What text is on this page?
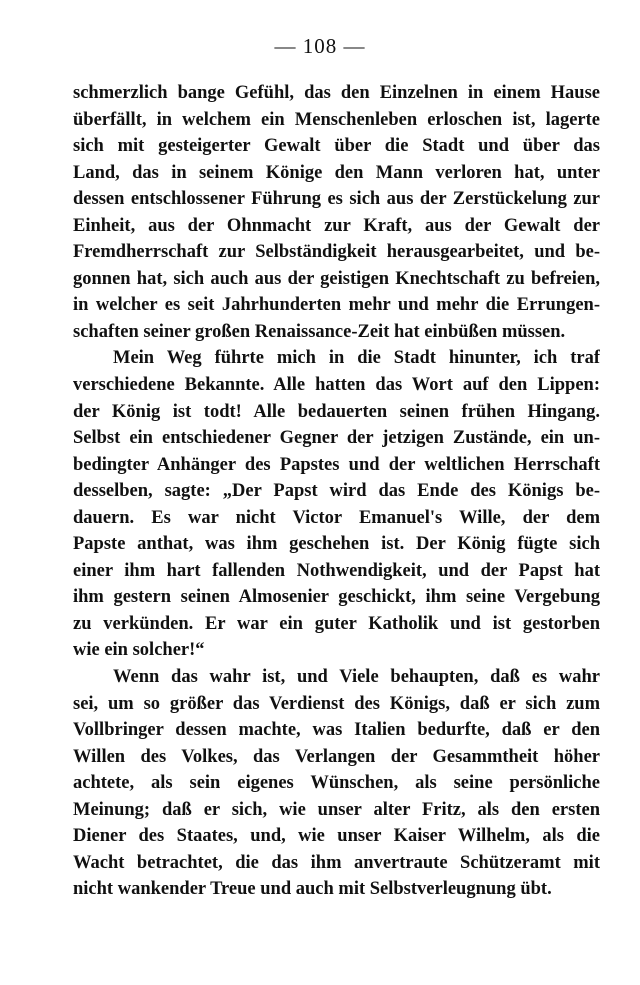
— 108 —
schmerzlich bange Gefühl, das den Einzelnen in einem Hause
überfällt, in welchem ein Menschenleben erloschen ist, lagerte
sich mit gesteigerter Gewalt über die Stadt und über das
Land, das in seinem Könige den Mann verloren hat, unter
dessen entschlossener Führung es sich aus der Zerstückelung zur
Einheit, aus der Ohnmacht zur Kraft, aus der Gewalt der
Fremdherrschaft zur Selbständigkeit herausgearbeitet, und be-
gonnen hat, sich auch aus der geistigen Knechtschaft zu befreien,
in welcher es seit Jahrhunderten mehr und mehr die Errungen-
schaften seiner großen Renaissance-Zeit hat einbüßen müssen.
Mein Weg führte mich in die Stadt hinunter, ich traf
verschiedene Bekannte. Alle hatten das Wort auf den Lippen:
der König ist todt! Alle bedauerten seinen frühen Hingang.
Selbst ein entschiedener Gegner der jetzigen Zustände, ein un-
bedingter Anhänger des Papstes und der weltlichen Herrschaft
desselben, sagte: „Der Papst wird das Ende des Königs be-
dauern. Es war nicht Victor Emanuel's Wille, der dem
Papste anthat, was ihm geschehen ist. Der König fügte sich
einer ihm hart fallenden Nothwendigkeit, und der Papst hat
ihm gestern seinen Almosenier geschickt, ihm seine Vergebung
zu verkünden. Er war ein guter Katholik und ist gestorben
wie ein solcher!“
Wenn das wahr ist, und Viele behaupten, daß es wahr
sei, um so größer das Verdienst des Königs, daß er sich zum
Vollbringer dessen machte, was Italien bedurfte, daß er den
Willen des Volkes, das Verlangen der Gesammtheit höher
achtete, als sein eigenes Wünschen, als seine persönliche
Meinung; daß er sich, wie unser alter Fritz, als den ersten
Diener des Staates, und, wie unser Kaiser Wilhelm, als die
Wacht betrachtet, die das ihm anvertraute Schützeramt mit
nicht wankender Treue und auch mit Selbstverleugnung übt.
